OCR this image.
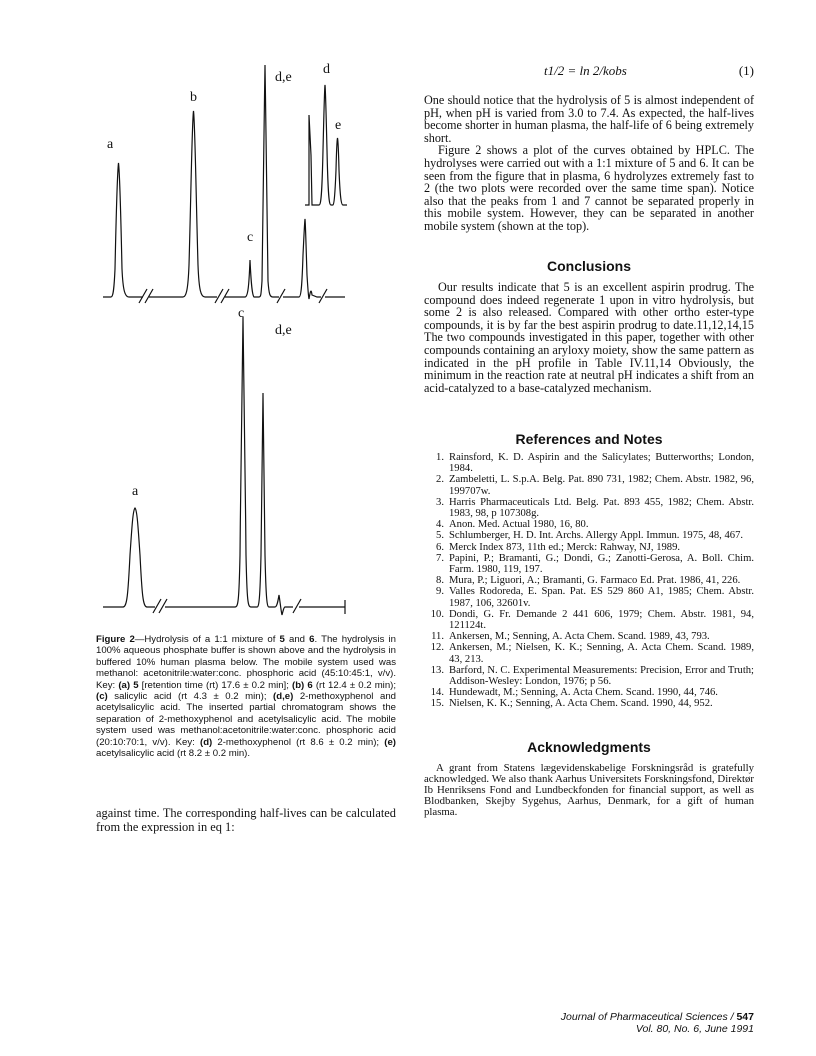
a
b
c
d,e
d
e
a
c
d,e
Figure 2—Hydrolysis of a 1:1 mixture of 5 and 6. The hydrolysis in 100% aqueous phosphate buffer is shown above and the hydrolysis in buffered 10% human plasma below. The mobile system used was methanol: acetonitrile:water:conc. phosphoric acid (45:10:45:1, v/v). Key: (a) 5 [retention time (rt) 17.6 ± 0.2 min]; (b) 6 (rt 12.4 ± 0.2 min); (c) salicylic acid (rt 4.3 ± 0.2 min); (d,e) 2-methoxyphenol and acetylsalicylic acid. The inserted partial chromatogram shows the separation of 2-methoxyphenol and acetylsalicylic acid. The mobile system used was methanol:acetonitrile:water:conc. phosphoric acid (20:10:70:1, v/v). Key: (d) 2-methoxyphenol (rt 8.6 ± 0.2 min); (e) acetylsalicylic acid (rt 8.2 ± 0.2 min).

against time. The corresponding half-lives can be calculated from the expression in eq 1:

t1/2 = ln 2/kobs	(1)

One should notice that the hydrolysis of 5 is almost independent of pH, when pH is varied from 3.0 to 7.4. As expected, the half-lives become shorter in human plasma, the half-life of 6 being extremely short.

Figure 2 shows a plot of the curves obtained by HPLC. The hydrolyses were carried out with a 1:1 mixture of 5 and 6. It can be seen from the figure that in plasma, 6 hydrolyzes extremely fast to 2 (the two plots were recorded over the same time span). Notice also that the peaks from 1 and 7 cannot be separated properly in this mobile system. However, they can be separated in another mobile system (shown at the top).

Conclusions

Our results indicate that 5 is an excellent aspirin prodrug. The compound does indeed regenerate 1 upon in vitro hydrolysis, but some 2 is also released. Compared with other ortho ester-type compounds, it is by far the best aspirin prodrug to date.11,12,14,15 The two compounds investigated in this paper, together with other compounds containing an aryloxy moiety, show the same pattern as indicated in the pH profile in Table IV.11,14 Obviously, the minimum in the reaction rate at neutral pH indicates a shift from an acid-catalyzed to a base-catalyzed mechanism.

References and Notes
1. Rainsford, K. D. Aspirin and the Salicylates; Butterworths; London, 1984.
2. Zambeletti, L. S.p.A. Belg. Pat. 890 731, 1982; Chem. Abstr. 1982, 96, 199707w.
3. Harris Pharmaceuticals Ltd. Belg. Pat. 893 455, 1982; Chem. Abstr. 1983, 98, p 107308g.
4. Anon. Med. Actual 1980, 16, 80.
5. Schlumberger, H. D. Int. Archs. Allergy Appl. Immun. 1975, 48, 467.
6. Merck Index 873, 11th ed.; Merck: Rahway, NJ, 1989.
7. Papini, P.; Bramanti, G.; Dondi, G.; Zanotti-Gerosa, A. Boll. Chim. Farm. 1980, 119, 197.
8. Mura, P.; Liguori, A.; Bramanti, G. Farmaco Ed. Prat. 1986, 41, 226.
9. Valles Rodoreda, E. Span. Pat. ES 529 860 A1, 1985; Chem. Abstr. 1987, 106, 32601v.
10. Dondi, G. Fr. Demande 2 441 606, 1979; Chem. Abstr. 1981, 94, 121124t.
11. Ankersen, M.; Senning, A. Acta Chem. Scand. 1989, 43, 793.
12. Ankersen, M.; Nielsen, K. K.; Senning, A. Acta Chem. Scand. 1989, 43, 213.
13. Barford, N. C. Experimental Measurements: Precision, Error and Truth; Addison-Wesley: London, 1976; p 56.
14. Hundewadt, M.; Senning, A. Acta Chem. Scand. 1990, 44, 746.
15. Nielsen, K. K.; Senning, A. Acta Chem. Scand. 1990, 44, 952.
Acknowledgments

A grant from Statens lægevidenskabelige Forskningsråd is gratefully acknowledged. We also thank Aarhus Universitets Forskningsfond, Direktør Ib Henriksens Fond and Lundbeckfonden for financial support, as well as Blodbanken, Skejby Sygehus, Aarhus, Denmark, for a gift of human plasma.

Journal of Pharmaceutical Sciences / 547
Vol. 80, No. 6, June 1991
